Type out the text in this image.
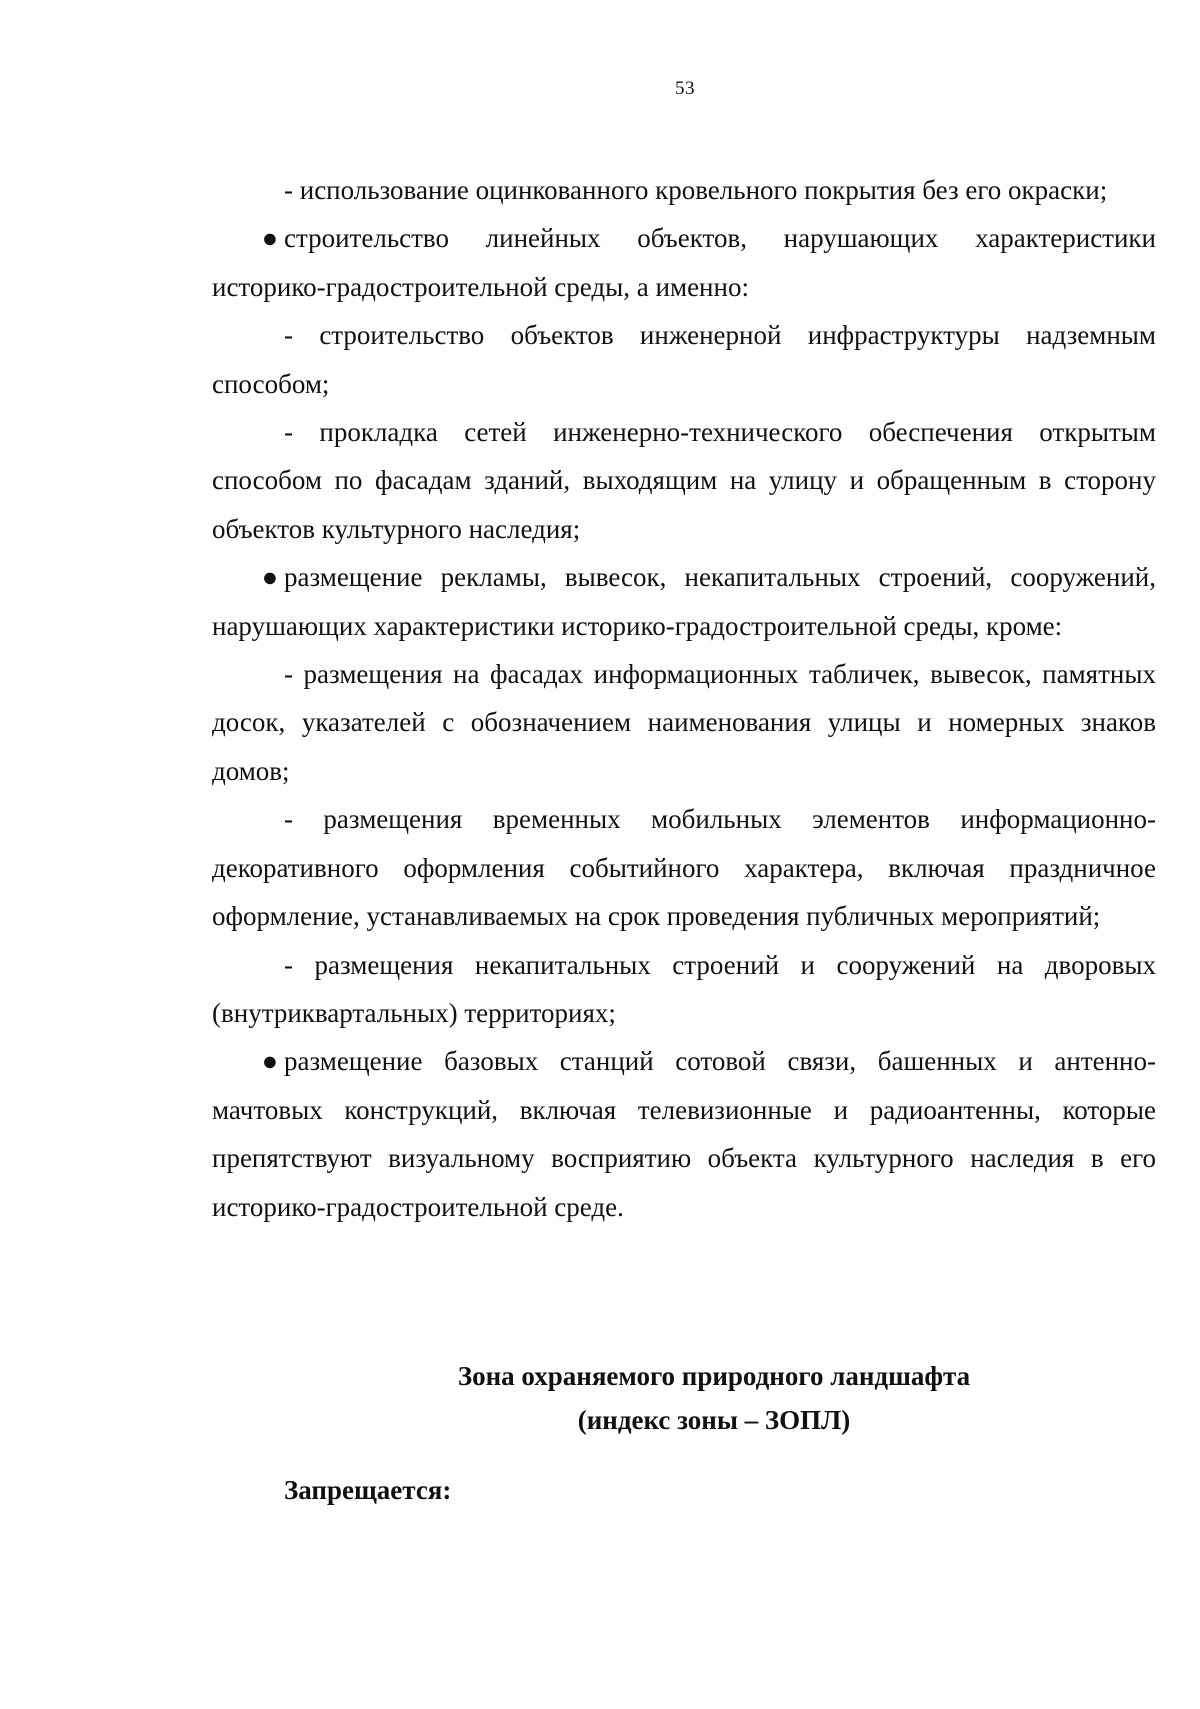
53

- использование оцинкованного кровельного покрытия без его окраски;

● строительство линейных объектов, нарушающих характеристики историко-градостроительной среды, а именно:

- строительство объектов инженерной инфраструктуры надземным способом;

- прокладка сетей инженерно-технического обеспечения открытым способом по фасадам зданий, выходящим на улицу и обращенным в сторону объектов культурного наследия;

● размещение рекламы, вывесок, некапитальных строений, сооружений, нарушающих характеристики историко-градостроительной среды, кроме:

- размещения на фасадах информационных табличек, вывесок, памятных досок, указателей с обозначением наименования улицы и номерных знаков домов;

- размещения временных мобильных элементов информационно-декоративного оформления событийного характера, включая праздничное оформление, устанавливаемых на срок проведения публичных мероприятий;

- размещения некапитальных строений и сооружений на дворовых (внутриквартальных) территориях;

● размещение базовых станций сотовой связи, башенных и антенно-мачтовых конструкций, включая телевизионные и радиоантенны, которые препятствуют визуальному восприятию объекта культурного наследия в его историко-градостроительной среде.

Зона охраняемого природного ландшафта
(индекс зоны – ЗОПЛ)
Запрещается:
